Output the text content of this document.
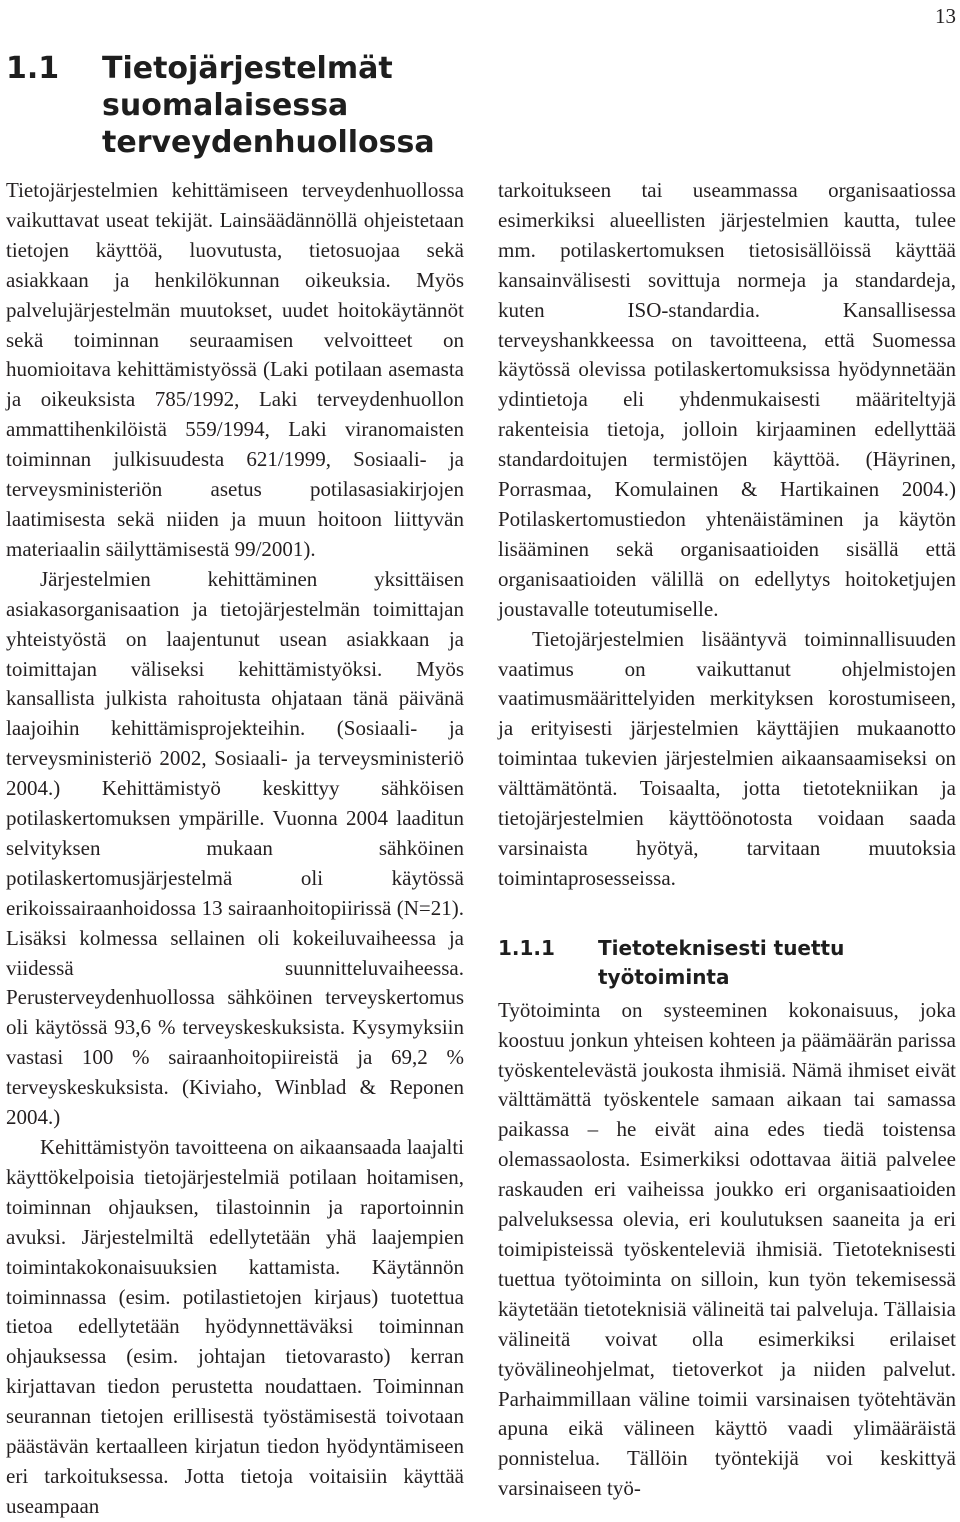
13
1.1 Tietojärjestelmät suomalaisessa terveydenhuollossa

Tietojärjestelmien kehittämiseen terveydenhuollossa vaikuttavat useat tekijät. Lainsäädännöllä ohjeistetaan tietojen käyttöä, luovutusta, tietosuojaa sekä asiakkaan ja henkilökunnan oikeuksia. Myös palvelujärjestelmän muutokset, uudet hoitokäytännöt sekä toiminnan seuraamisen velvoitteet on huomioitava kehittämistyössä (Laki potilaan asemasta ja oikeuksista 785/1992, Laki terveydenhuollon ammattihenkilöistä 559/1994, Laki viranomaisten toiminnan julkisuudesta 621/1999, Sosiaali- ja terveysministeriön asetus potilasasiakirjojen laatimisesta sekä niiden ja muun hoitoon liittyvän materiaalin säilyttämisestä 99/2001).

Järjestelmien kehittäminen yksittäisen asiakasorganisaation ja tietojärjestelmän toimittajan yhteistyöstä on laajentunut usean asiakkaan ja toimittajan väliseksi kehittämistyöksi. Myös kansallista julkista rahoitusta ohjataan tänä päivänä laajoihin kehittämisprojekteihin. (Sosiaali- ja terveysministeriö 2002, Sosiaali- ja terveysministeriö 2004.) Kehittämistyö keskittyy sähköisen potilaskertomuksen ympärille. Vuonna 2004 laaditun selvityksen mukaan sähköinen potilaskertomusjärjestelmä oli käytössä erikoissairaanhoidossa 13 sairaanhoitopiirissä (N=21). Lisäksi kolmessa sellainen oli kokeiluvaiheessa ja viidessä suunnitteluvaiheessa. Perusterveydenhuollossa sähköinen terveyskertomus oli käytössä 93,6 % terveyskeskuksista. Kysymyksiin vastasi 100 % sairaanhoitopiireistä ja 69,2 % terveyskeskuksista. (Kiviaho, Winblad & Reponen 2004.)

Kehittämistyön tavoitteena on aikaansaada laajalti käyttökelpoisia tietojärjestelmiä potilaan hoitamisen, toiminnan ohjauksen, tilastoinnin ja raportoinnin avuksi. Järjestelmiltä edellytetään yhä laajempien toimintakokonaisuuksien kattamista. Käytännön toiminnassa (esim. potilastietojen kirjaus) tuotettua tietoa edellytetään hyödynnettäväksi toiminnan ohjauksessa (esim. johtajan tietovarasto) kerran kirjattavan tiedon perustetta noudattaen. Toiminnan seurannan tietojen erillisestä työstämisestä toivotaan päästävän kertaalleen kirjatun tiedon hyödyntämiseen eri tarkoituksessa. Jotta tietoja voitaisiin käyttää useampaan

tarkoitukseen tai useammassa organisaatiossa esimerkiksi alueellisten järjestelmien kautta, tulee mm. potilaskertomuksen tietosisällöissä käyttää kansainvälisesti sovittuja normeja ja standardeja, kuten ISO-standardia. Kansallisessa terveyshankkeessa on tavoitteena, että Suomessa käytössä olevissa potilaskertomuksissa hyödynnetään ydintietoja eli yhdenmukaisesti määriteltyjä rakenteisia tietoja, jolloin kirjaaminen edellyttää standardoitujen termistöjen käyttöä. (Häyrinen, Porrasmaa, Komulainen & Hartikainen 2004.) Potilaskertomustiedon yhtenäistäminen ja käytön lisääminen sekä organisaatioiden sisällä että organisaatioiden välillä on edellytys hoitoketjujen joustavalle toteutumiselle.

Tietojärjestelmien lisääntyvä toiminnallisuuden vaatimus on vaikuttanut ohjelmistojen vaatimusmäärittelyiden merkityksen korostumiseen, ja erityisesti järjestelmien käyttäjien mukaanotto toimintaa tukevien järjestelmien aikaansaamiseksi on välttämätöntä. Toisaalta, jotta tietotekniikan ja tietojärjestelmien käyttöönotosta voidaan saada varsinaista hyötyä, tarvitaan muutoksia toimintaprosesseissa.

1.1.1 Tietoteknisesti tuettu työtoiminta

Työtoiminta on systeeminen kokonaisuus, joka koostuu jonkun yhteisen kohteen ja päämäärän parissa työskentelevästä joukosta ihmisiä. Nämä ihmiset eivät välttämättä työskentele samaan aikaan tai samassa paikassa – he eivät aina edes tiedä toistensa olemassaolosta. Esimerkiksi odottavaa äitiä palvelee raskauden eri vaiheissa joukko eri organisaatioiden palveluksessa olevia, eri koulutuksen saaneita ja eri toimipisteissä työskenteleviä ihmisiä. Tietoteknisesti tuettua työtoiminta on silloin, kun työn tekemisessä käytetään tietoteknisiä välineitä tai palveluja. Tällaisia välineitä voivat olla esimerkiksi erilaiset työvälineohjelmat, tietoverkot ja niiden palvelut. Parhaimmillaan väline toimii varsinaisen työtehtävän apuna eikä välineen käyttö vaadi ylimääräistä ponnistelua. Tällöin työntekijä voi keskittyä varsinaiseen työ-
